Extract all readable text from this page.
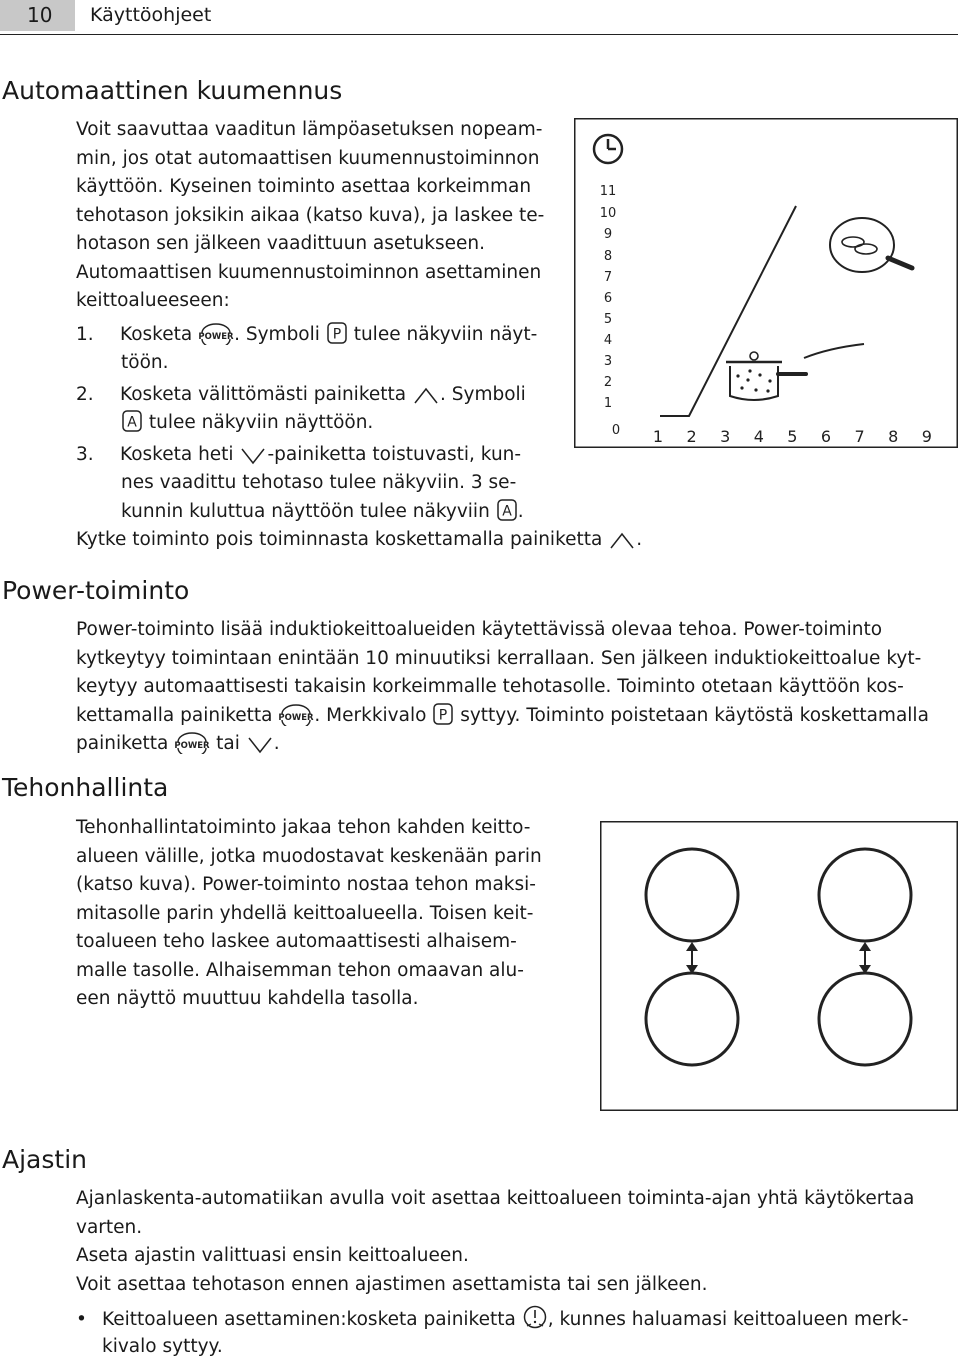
10	Käyttöohjeet
Automaattinen kuumennus
Voit saavuttaa vaaditun lämpöasetuksen nopeam-
min, jos otat automaattisen kuumennustoiminnon
käyttöön. Kyseinen toiminto asettaa korkeimman
tehotason joksikin aikaa (katso kuva), ja laskee te-
hotason sen jälkeen vaadittuun asetukseen.
Automaattisen kuumennustoiminnon asettaminen
keittoalueeseen:
1. Kosketa POWER . Symboli P tulee näkyviin näyt-
töön.
2. Kosketa välittömästi painiketta . Symboli
A tulee näkyviin näyttöön.
3. Kosketa heti -painiketta toistuvasti, kun-
nes vaadittu tehotaso tulee näkyviin. 3 se-
kunnin kuluttua näyttöön tulee näkyviin A .
Kytke toiminto pois toiminnasta koskettamalla painiketta .
11
10
9
8
7
6
5
4
3
2
1
0 1 2 3 4 5 6 7 8 9
Power-toiminto
Power-toiminto lisää induktiokeittoalueiden käytettävissä olevaa tehoa. Power-toiminto
kytkeytyy toimintaan enintään 10 minuutiksi kerrallaan. Sen jälkeen induktiokeittoalue kyt-
keytyy automaattisesti takaisin korkeimmalle tehotasolle. Toiminto otetaan käyttöön kos-
kettamalla painiketta POWER . Merkkivalo P syttyy. Toiminto poistetaan käytöstä koskettamalla
painiketta POWER tai .
Tehonhallinta
Tehonhallintatoiminto jakaa tehon kahden keitto-
alueen välille, jotka muodostavat keskenään parin
(katso kuva). Power-toiminto nostaa tehon maksi-
mitasolle parin yhdellä keittoalueella. Toisen keit-
toalueen teho laskee automaattisesti alhaisem-
malle tasolle. Alhaisemman tehon omaavan alu-
een näyttö muuttuu kahdella tasolla.
Ajastin
Ajanlaskenta-automatiikan avulla voit asettaa keittoalueen toiminta-ajan yhtä käytökertaa
varten.
Aseta ajastin valittuasi ensin keittoalueen.
Voit asettaa tehotason ennen ajastimen asettamista tai sen jälkeen.
• Keittoalueen asettaminen:kosketa painiketta , kunnes haluamasi keittoalueen merk-
kivalo syttyy.
